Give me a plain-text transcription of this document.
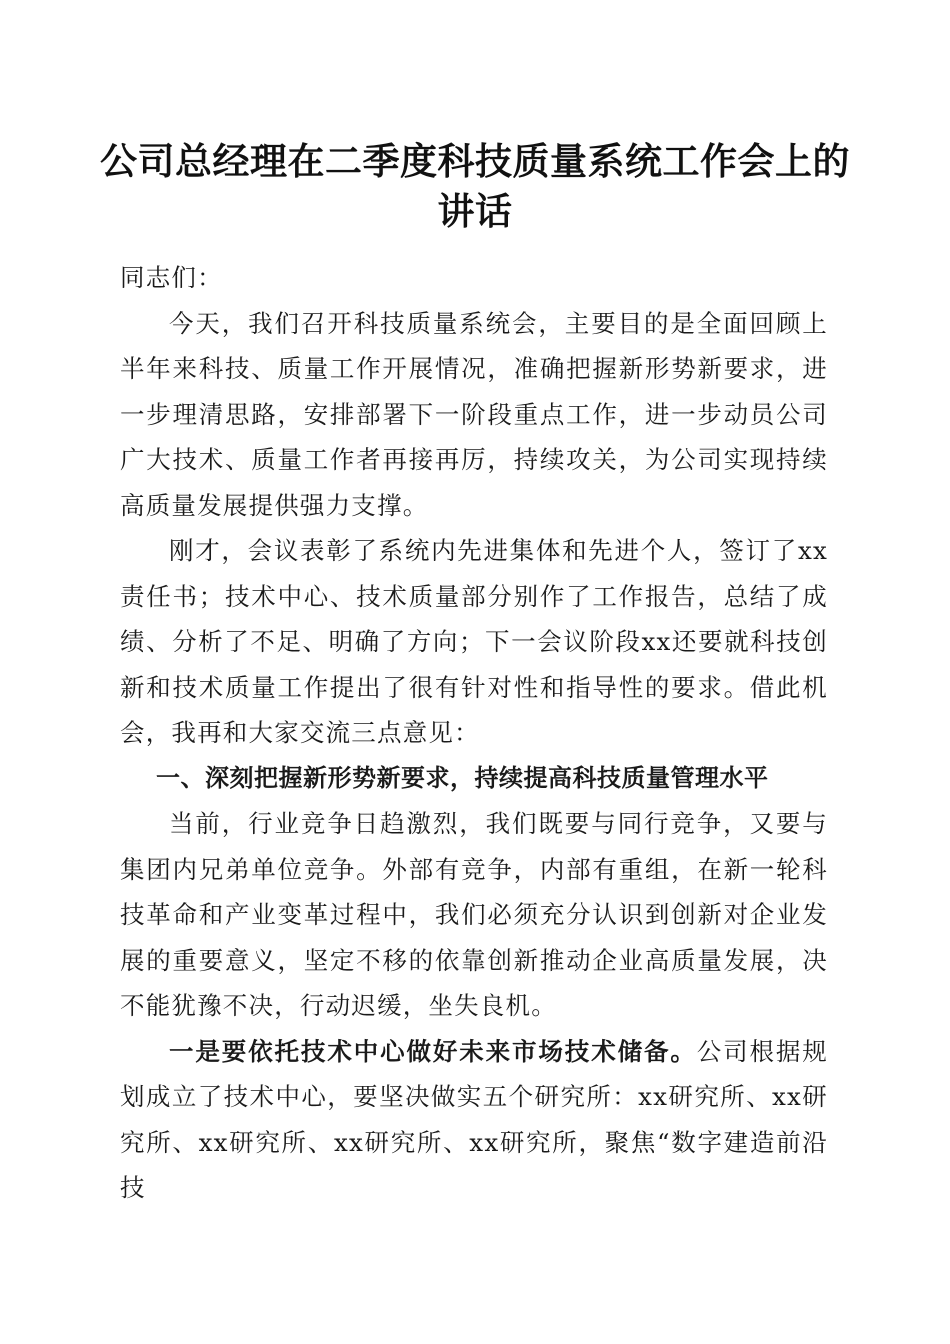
公司总经理在二季度科技质量系统工作会上的讲话

同志们：

今天，我们召开科技质量系统会，主要目的是全面回顾上半年来科技、质量工作开展情况，准确把握新形势新要求，进一步理清思路，安排部署下一阶段重点工作，进一步动员公司广大技术、质量工作者再接再厉，持续攻关，为公司实现持续高质量发展提供强力支撑。

刚才，会议表彰了系统内先进集体和先进个人，签订了xx责任书；技术中心、技术质量部分别作了工作报告，总结了成绩、分析了不足、明确了方向；下一会议阶段xx还要就科技创新和技术质量工作提出了很有针对性和指导性的要求。借此机会，我再和大家交流三点意见：

一、深刻把握新形势新要求，持续提高科技质量管理水平

当前，行业竞争日趋激烈，我们既要与同行竞争，又要与集团内兄弟单位竞争。外部有竞争，内部有重组，在新一轮科技革命和产业变革过程中，我们必须充分认识到创新对企业发展的重要意义，坚定不移的依靠创新推动企业高质量发展，决不能犹豫不决，行动迟缓，坐失良机。

一是要依托技术中心做好未来市场技术储备。公司根据规划成立了技术中心，要坚决做实五个研究所：xx研究所、xx研究所、xx研究所、xx研究所、xx研究所，聚焦“数字建造前沿技
